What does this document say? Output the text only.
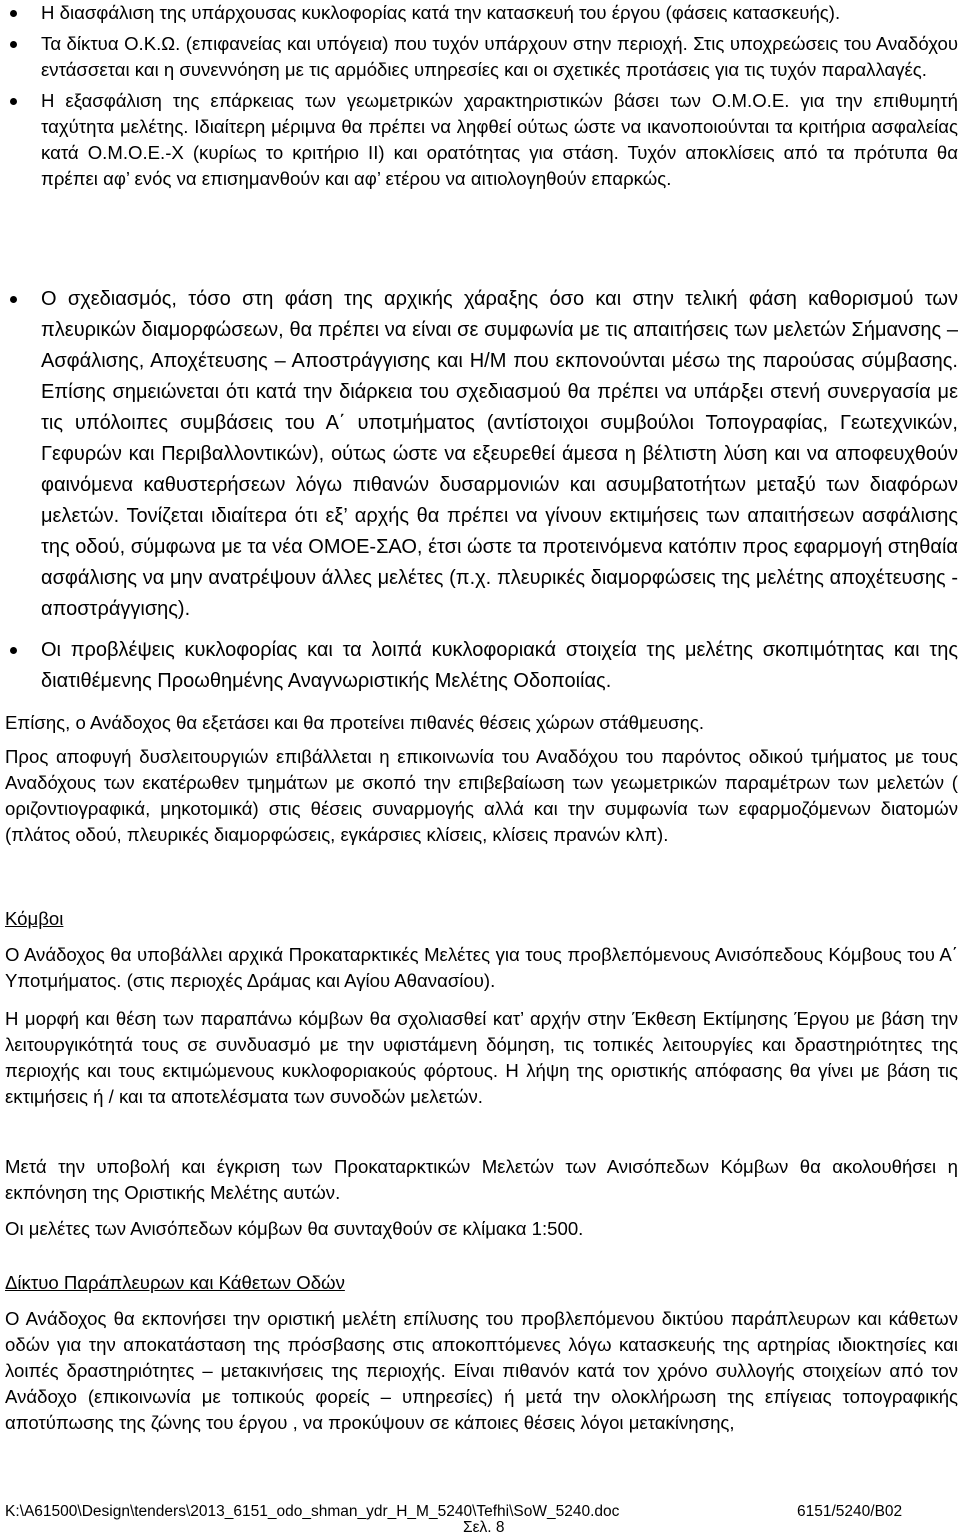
Η διασφάλιση της υπάρχουσας κυκλοφορίας κατά την κατασκευή του έργου (φάσεις κατασκευής).
Τα δίκτυα Ο.Κ.Ω. (επιφανείας και υπόγεια) που τυχόν υπάρχουν στην περιοχή. Στις υποχρεώσεις του Αναδόχου εντάσσεται και η συνεννόηση με τις αρμόδιες υπηρεσίες και οι σχετικές προτάσεις για τις τυχόν παραλλαγές.
Η εξασφάλιση της επάρκειας των γεωμετρικών χαρακτηριστικών βάσει των Ο.Μ.Ο.Ε. για την επιθυμητή ταχύτητα μελέτης. Ιδιαίτερη μέριμνα θα πρέπει να ληφθεί ούτως ώστε να ικανοποιούνται τα κριτήρια ασφαλείας κατά Ο.Μ.Ο.Ε.-Χ (κυρίως το κριτήριο ΙΙ) και ορατότητας για στάση. Τυχόν αποκλίσεις από τα πρότυπα θα πρέπει αφ’ ενός να επισημανθούν και αφ’ ετέρου να αιτιολογηθούν επαρκώς.
Ο σχεδιασμός, τόσο στη φάση της αρχικής χάραξης όσο και στην τελική φάση καθορισμού των πλευρικών διαμορφώσεων, θα πρέπει να είναι σε συμφωνία με τις απαιτήσεις των μελετών Σήμανσης – Ασφάλισης, Αποχέτευσης – Αποστράγγισης και Η/Μ που εκπονούνται μέσω της παρούσας σύμβασης. Επίσης σημειώνεται ότι κατά την διάρκεια του σχεδιασμού θα πρέπει να υπάρξει στενή συνεργασία με τις υπόλοιπες συμβάσεις του Α΄ υποτμήματος (αντίστοιχοι συμβούλοι Τοπογραφίας, Γεωτεχνικών, Γεφυρών και Περιβαλλοντικών), ούτως ώστε να εξευρεθεί άμεσα η βέλτιστη λύση και να αποφευχθούν φαινόμενα καθυστερήσεων λόγω πιθανών δυσαρμονιών και ασυμβατοτήτων μεταξύ των διαφόρων μελετών. Τονίζεται ιδιαίτερα ότι εξ’ αρχής θα πρέπει να γίνουν εκτιμήσεις των απαιτήσεων ασφάλισης της οδού, σύμφωνα με τα νέα ΟΜΟΕ-ΣΑΟ, έτσι ώστε τα προτεινόμενα κατόπιν προς εφαρμογή στηθαία ασφάλισης να μην ανατρέψουν άλλες μελέτες (π.χ. πλευρικές διαμορφώσεις της μελέτης αποχέτευσης - αποστράγγισης).
Οι προβλέψεις κυκλοφορίας και τα λοιπά κυκλοφοριακά στοιχεία της μελέτης σκοπιμότητας και της διατιθέμενης Προωθημένης Αναγνωριστικής Μελέτης Οδοποιίας.

Επίσης, ο Ανάδοχος θα εξετάσει και θα προτείνει πιθανές θέσεις χώρων στάθμευσης.

Προς αποφυγή δυσλειτουργιών επιβάλλεται η επικοινωνία του Αναδόχου του παρόντος οδικού τμήματος με τους Αναδόχους των εκατέρωθεν τμημάτων με σκοπό την επιβεβαίωση των γεωμετρικών παραμέτρων των μελετών ( οριζοντιογραφικά, μηκοτομικά) στις θέσεις συναρμογής αλλά και την συμφωνία των εφαρμοζόμενων διατομών (πλάτος οδού, πλευρικές διαμορφώσεις, εγκάρσιες κλίσεις, κλίσεις πρανών κλπ).

Κόμβοι

Ο Ανάδοχος θα υποβάλλει αρχικά Προκαταρκτικές Μελέτες για τους προβλεπόμενους Ανισόπεδους Κόμβους του Α΄ Υποτμήματος. (στις περιοχές Δράμας και Αγίου Αθανασίου).

Η μορφή και θέση των παραπάνω κόμβων θα σχολιασθεί κατ’ αρχήν στην Έκθεση Εκτίμησης Έργου με βάση την λειτουργικότητά τους σε συνδυασμό με την υφιστάμενη δόμηση, τις τοπικές λειτουργίες και δραστηριότητες της περιοχής και τους εκτιμώμενους κυκλοφοριακούς φόρτους. Η λήψη της οριστικής απόφασης θα γίνει με βάση τις εκτιμήσεις ή / και τα αποτελέσματα των συνοδών μελετών.

Μετά την υποβολή και έγκριση των Προκαταρκτικών Μελετών των Ανισόπεδων Κόμβων θα ακολουθήσει η εκπόνηση της Οριστικής Μελέτης αυτών.

Οι μελέτες των Ανισόπεδων κόμβων θα συνταχθούν σε κλίμακα 1:500.

Δίκτυο Παράπλευρων και Κάθετων Οδών

Ο Ανάδοχος θα εκπονήσει την οριστική μελέτη επίλυσης του προβλεπόμενου δικτύου παράπλευρων και κάθετων οδών για την αποκατάσταση της πρόσβασης στις αποκοπτόμενες λόγω κατασκευής της αρτηρίας ιδιοκτησίες και λοιπές δραστηριότητες – μετακινήσεις της περιοχής. Είναι πιθανόν κατά τον χρόνο συλλογής στοιχείων από τον Ανάδοχο (επικοινωνία με τοπικούς φορείς – υπηρεσίες) ή μετά την ολοκλήρωση της επίγειας τοπογραφικής αποτύπωσης της ζώνης του έργου , να προκύψουν σε κάποιες θέσεις λόγοι μετακίνησης,

K:\A61500\Design\tenders\2013_6151_odo_shman_ydr_H_M_5240\Tefhi\SoW_5240.doc	6151/5240/B02

Σελ. 8
